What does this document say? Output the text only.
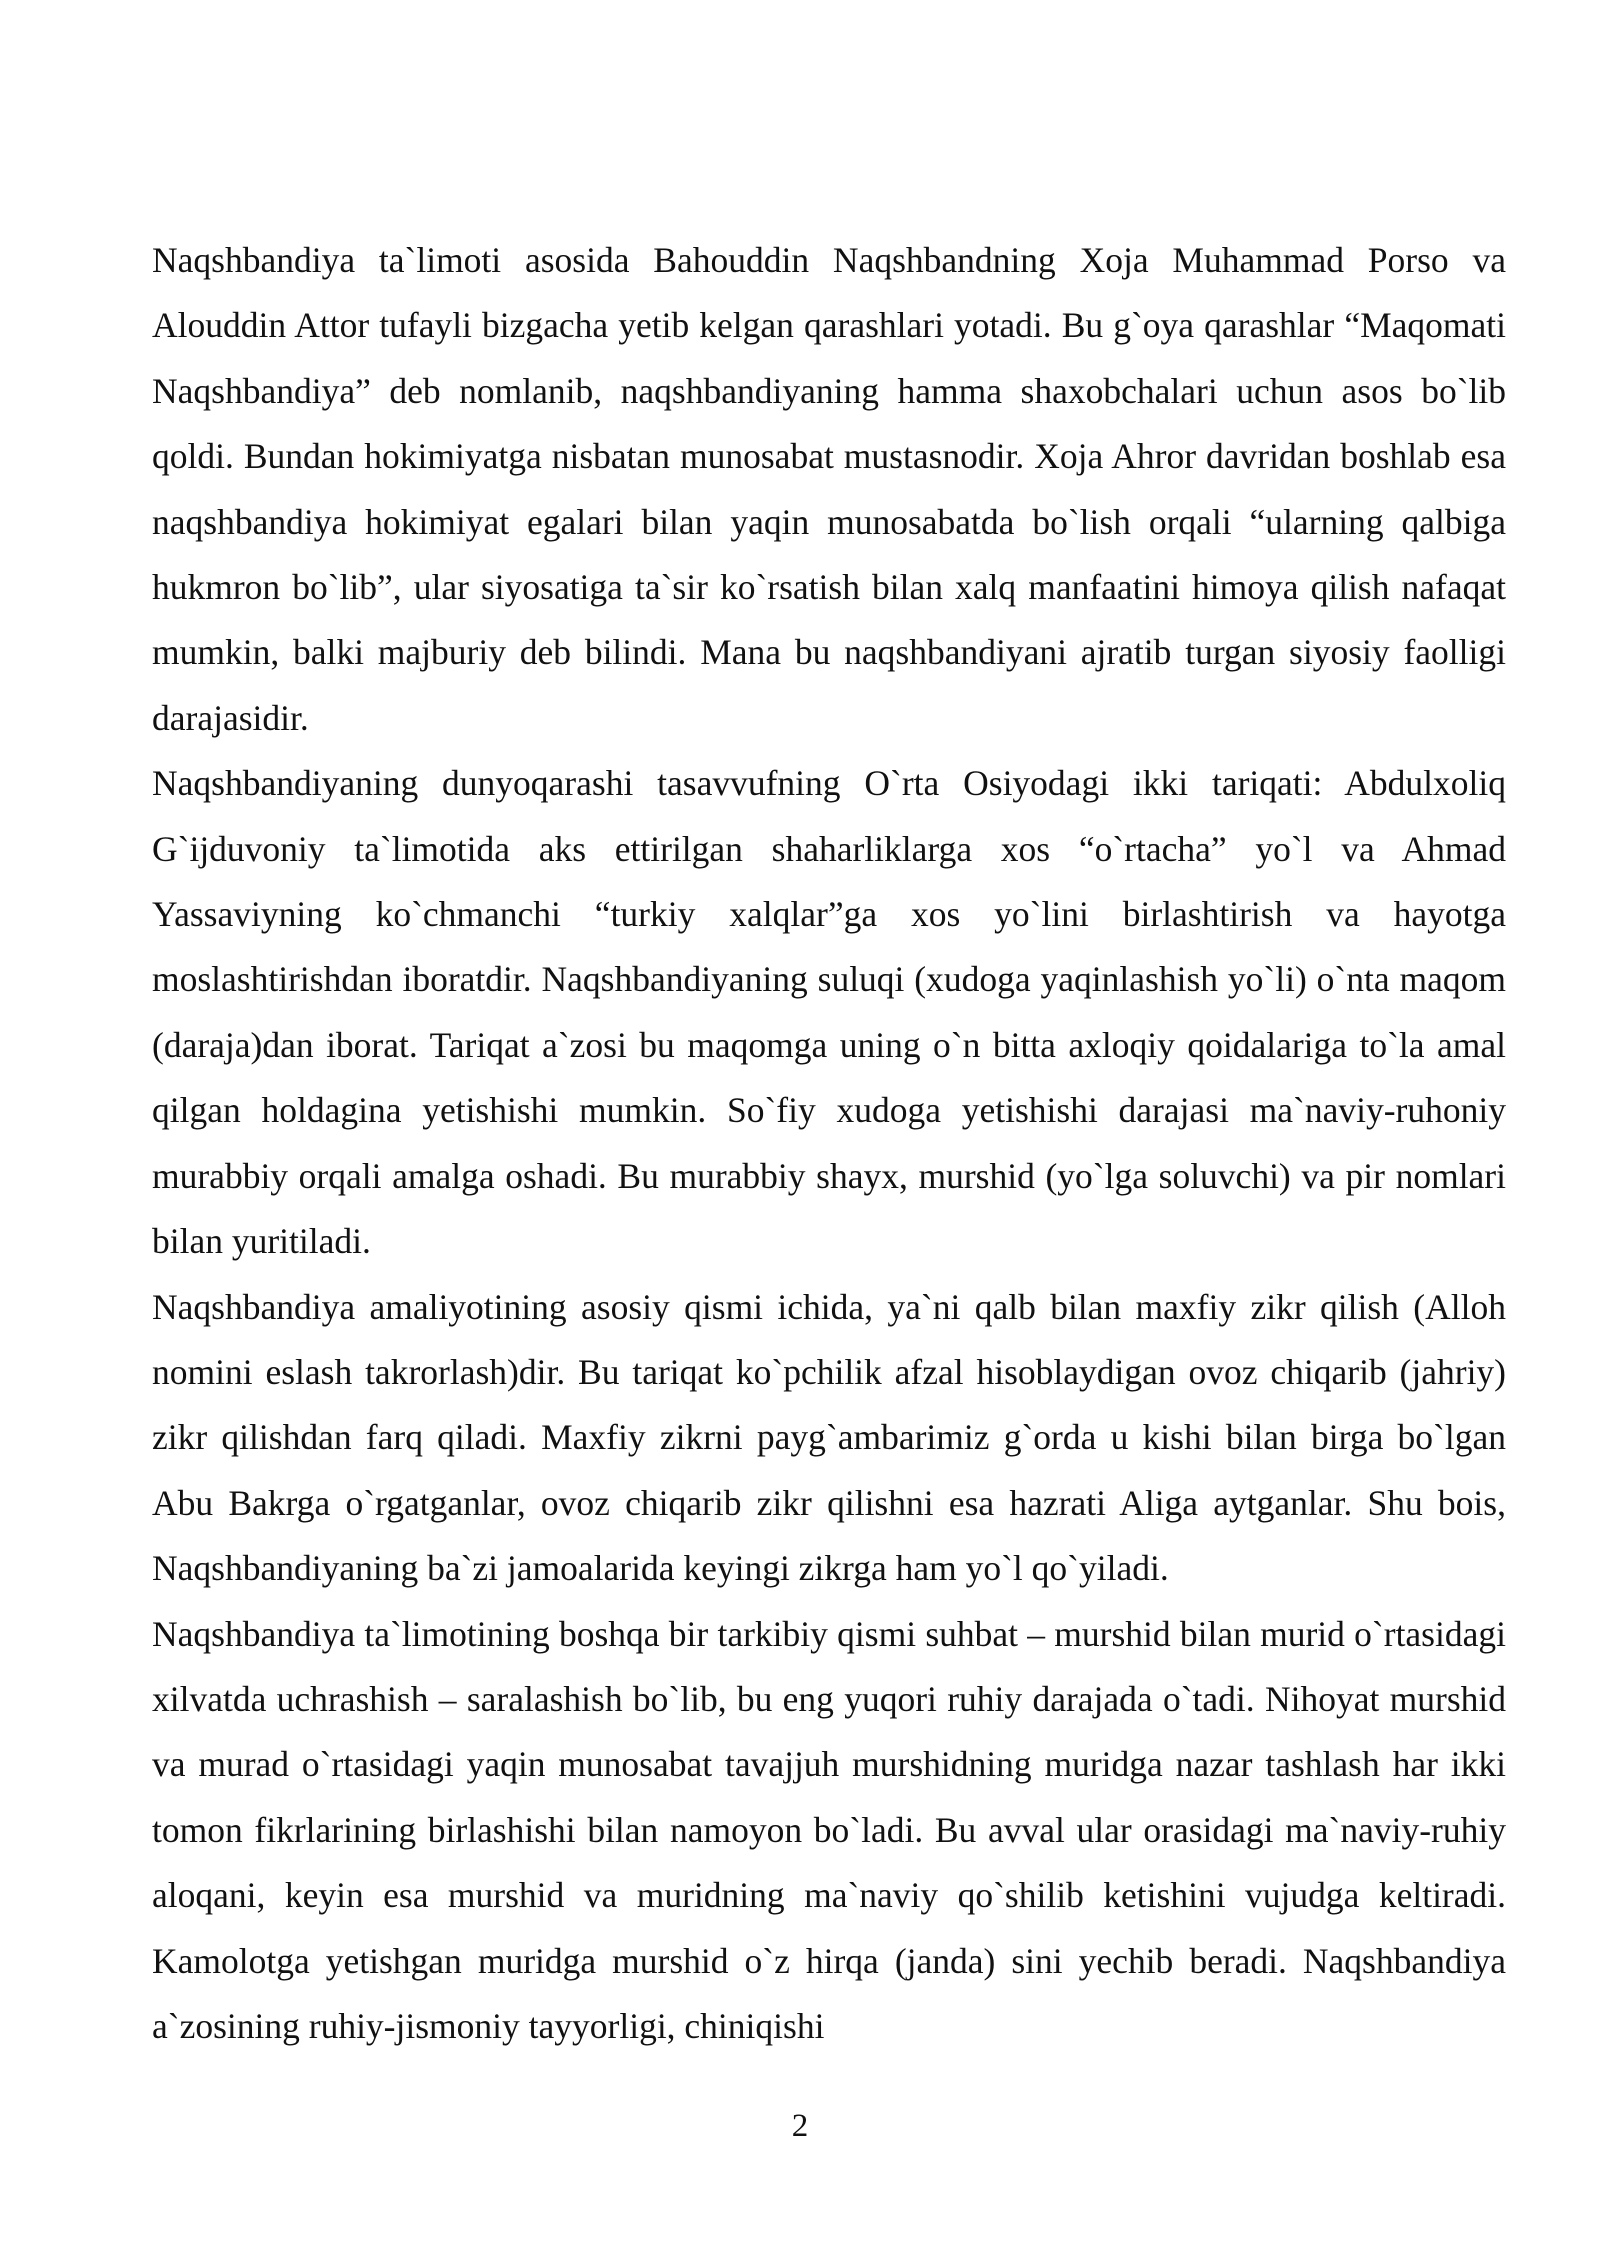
Naqshbandiya ta`limoti asosida Bahouddin Naqshbandning Xoja Muhammad Porso va Alouddin Attor tufayli bizgacha yetib kelgan qarashlari yotadi. Bu g`oya qarashlar “Maqomati Naqshbandiya” deb nomlanib, naqshbandiyaning hamma shaxobchalari uchun asos bo`lib qoldi. Bundan hokimiyatga nisbatan munosabat mustasnodir. Xoja Ahror davridan boshlab esa naqshbandiya hokimiyat egalari bilan yaqin munosabatda bo`lish orqali “ularning qalbiga hukmron bo`lib”, ular siyosatiga ta`sir ko`rsatish bilan xalq manfaatini himoya qilish nafaqat mumkin, balki majburiy deb bilindi. Mana bu naqshbandiyani ajratib turgan siyosiy faolligi darajasidir.

Naqshbandiyaning dunyoqarashi tasavvufning O`rta Osiyodagi ikki tariqati: Abdulxoliq G`ijduvoniy ta`limotida aks ettirilgan shaharliklarga xos “o`rtacha” yo`l va Ahmad Yassaviyning ko`chmanchi “turkiy xalqlar”ga xos yo`lini birlashtirish va hayotga moslashtirishdan iboratdir. Naqshbandiyaning suluqi (xudoga yaqinlashish yo`li) o`nta maqom (daraja)dan iborat. Tariqat a`zosi bu maqomga uning o`n bitta axloqiy qoidalariga to`la amal qilgan holdagina yetishishi mumkin. So`fiy xudoga yetishishi darajasi ma`naviy-ruhoniy murabbiy orqali amalga oshadi. Bu murabbiy shayx, murshid (yo`lga soluvchi) va pir nomlari bilan yuritiladi.

Naqshbandiya amaliyotining asosiy qismi ichida, ya`ni qalb bilan maxfiy zikr qilish (Alloh nomini eslash takrorlash)dir. Bu tariqat ko`pchilik afzal hisoblaydigan ovoz chiqarib (jahriy) zikr qilishdan farq qiladi. Maxfiy zikrni payg`ambarimiz g`orda u kishi bilan birga bo`lgan Abu Bakrga o`rgatganlar, ovoz chiqarib zikr qilishni esa hazrati Aliga aytganlar. Shu bois, Naqshbandiyaning ba`zi jamoalarida keyingi zikrga ham yo`l qo`yiladi.

Naqshbandiya ta`limotining boshqa bir tarkibiy qismi suhbat – murshid bilan murid o`rtasidagi xilvatda uchrashish – saralashish bo`lib, bu eng yuqori ruhiy darajada o`tadi. Nihoyat murshid va murad o`rtasidagi yaqin munosabat tavajjuh murshidning muridga nazar tashlash har ikki tomon fikrlarining birlashishi bilan namoyon bo`ladi. Bu avval ular orasidagi ma`naviy-ruhiy aloqani, keyin esa murshid va muridning ma`naviy qo`shilib ketishini vujudga keltiradi. Kamolotga yetishgan muridga murshid o`z hirqa (janda) sini yechib beradi. Naqshbandiya a`zosining ruhiy-jismoniy tayyorligi, chiniqishi

2
